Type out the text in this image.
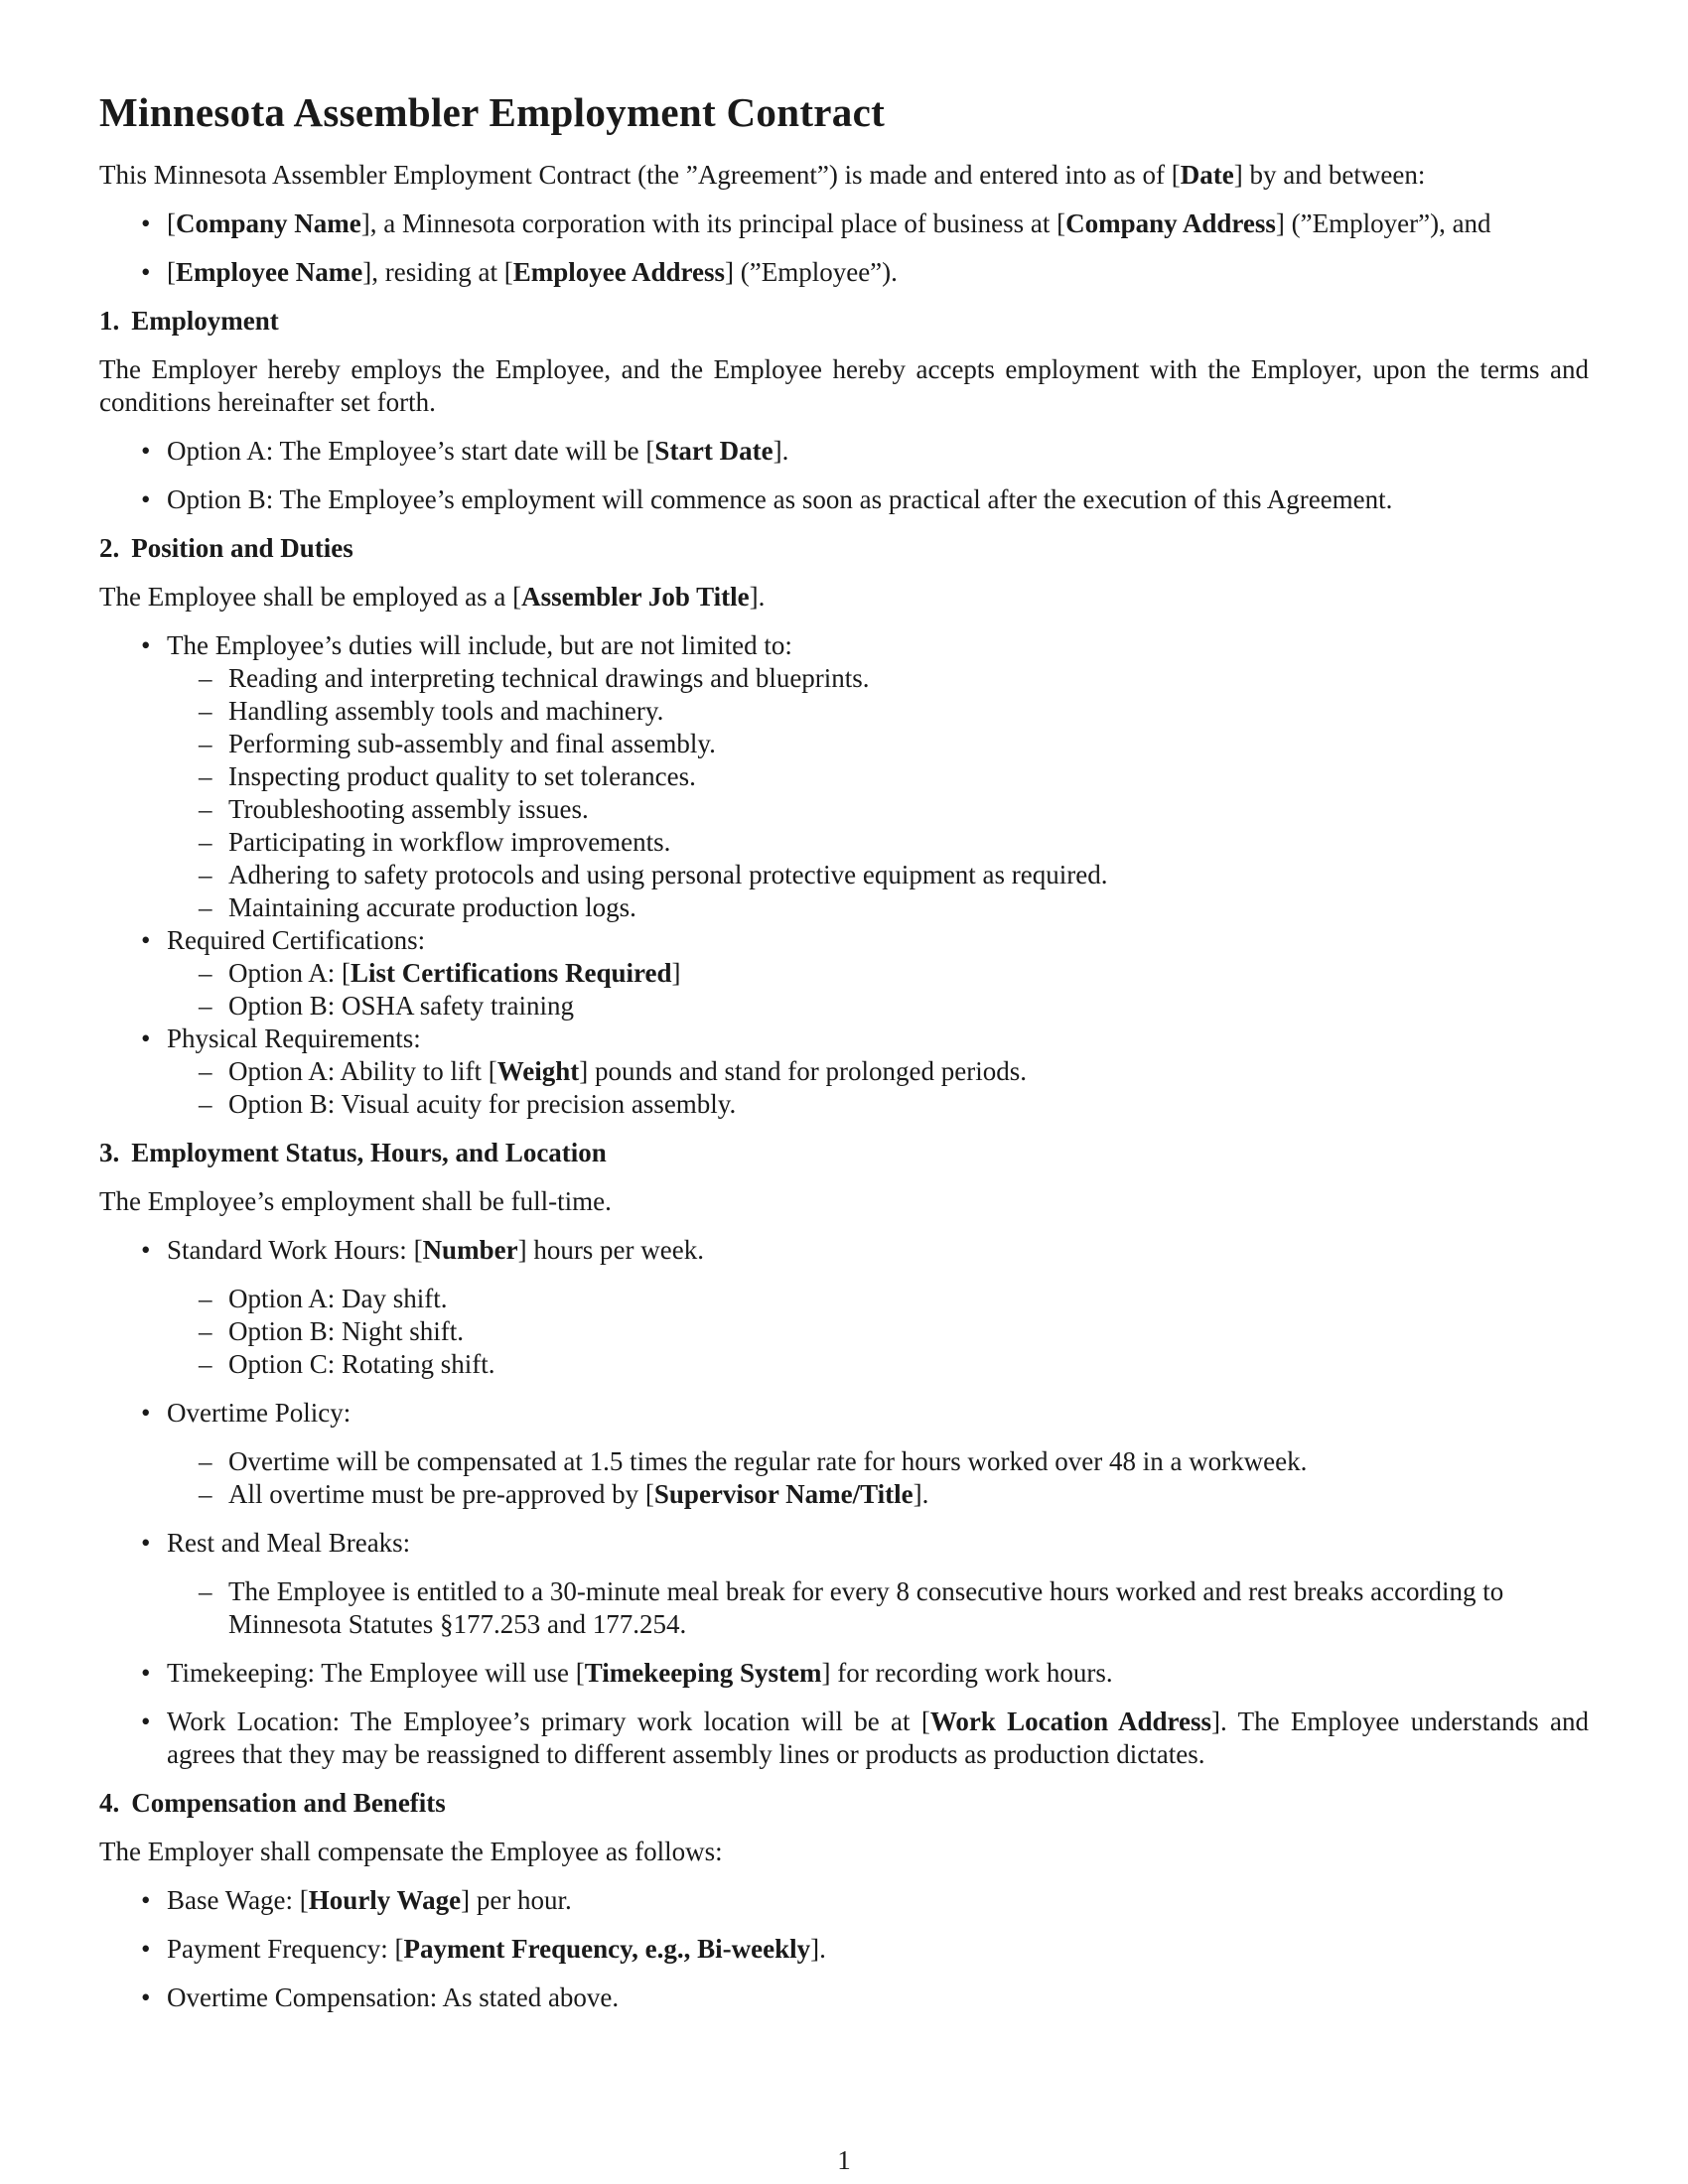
Minnesota Assembler Employment Contract

This Minnesota Assembler Employment Contract (the ”Agreement”) is made and entered into as of [Date] by and between:

• [Company Name], a Minnesota corporation with its principal place of business at [Company Address] (”Employer”), and
• [Employee Name], residing at [Employee Address] (”Employee”).
1. Employment

The Employer hereby employs the Employee, and the Employee hereby accepts employment with the Employer, upon the terms and conditions hereinafter set forth.

• Option A: The Employee’s start date will be [Start Date].
• Option B: The Employee’s employment will commence as soon as practical after the execution of this Agreement.
2. Position and Duties

The Employee shall be employed as a [Assembler Job Title].

• The Employee’s duties will include, but are not limited to:
– Reading and interpreting technical drawings and blueprints.
– Handling assembly tools and machinery.
– Performing sub-assembly and final assembly.
– Inspecting product quality to set tolerances.
– Troubleshooting assembly issues.
– Participating in workflow improvements.
– Adhering to safety protocols and using personal protective equipment as required.
– Maintaining accurate production logs.
• Required Certifications:
– Option A: [List Certifications Required]
– Option B: OSHA safety training
• Physical Requirements:
– Option A: Ability to lift [Weight] pounds and stand for prolonged periods.
– Option B: Visual acuity for precision assembly.
3. Employment Status, Hours, and Location

The Employee’s employment shall be full-time.

• Standard Work Hours: [Number] hours per week.
– Option A: Day shift.
– Option B: Night shift.
– Option C: Rotating shift.
• Overtime Policy:
– Overtime will be compensated at 1.5 times the regular rate for hours worked over 48 in a workweek.
– All overtime must be pre-approved by [Supervisor Name/Title].
• Rest and Meal Breaks:
– The Employee is entitled to a 30-minute meal break for every 8 consecutive hours worked and rest breaks according to Minnesota Statutes §177.253 and 177.254.
• Timekeeping: The Employee will use [Timekeeping System] for recording work hours.
• Work Location: The Employee’s primary work location will be at [Work Location Address]. The Employee understands and agrees that they may be reassigned to different assembly lines or products as production dictates.
4. Compensation and Benefits

The Employer shall compensate the Employee as follows:

• Base Wage: [Hourly Wage] per hour.
• Payment Frequency: [Payment Frequency, e.g., Bi-weekly].
• Overtime Compensation: As stated above.
1
